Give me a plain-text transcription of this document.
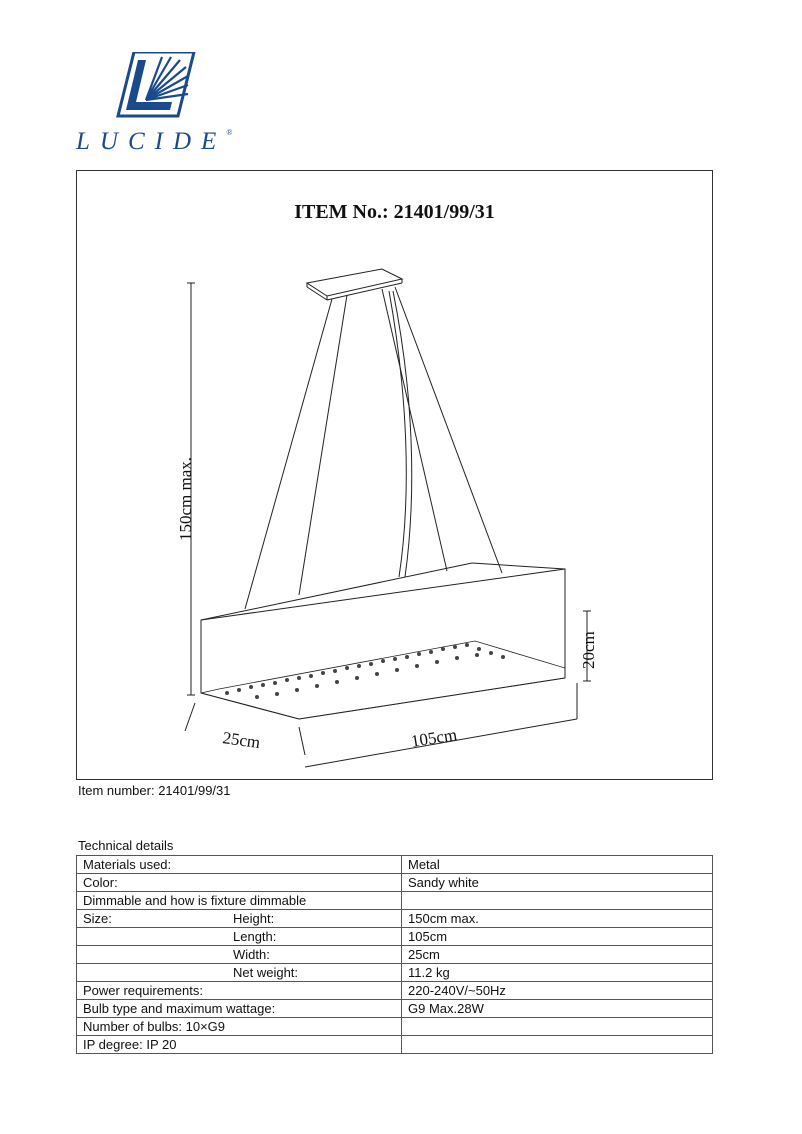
LUCIDE®
ITEM No.: 21401/99/31
150cm max.
20cm
25cm	105cm
Item number: 21401/99/31
Technical details
Materials used:	Metal
Color:	Sandy white
Dimmable and how is fixture dimmable	
Size: Height:	150cm max.
Length:	105cm
Width:	25cm
Net weight:	11.2 kg
Power requirements:	220-240V/~50Hz
Bulb type and maximum wattage:	G9 Max.28W
Number of bulbs: 10×G9	
IP degree: IP 20	
